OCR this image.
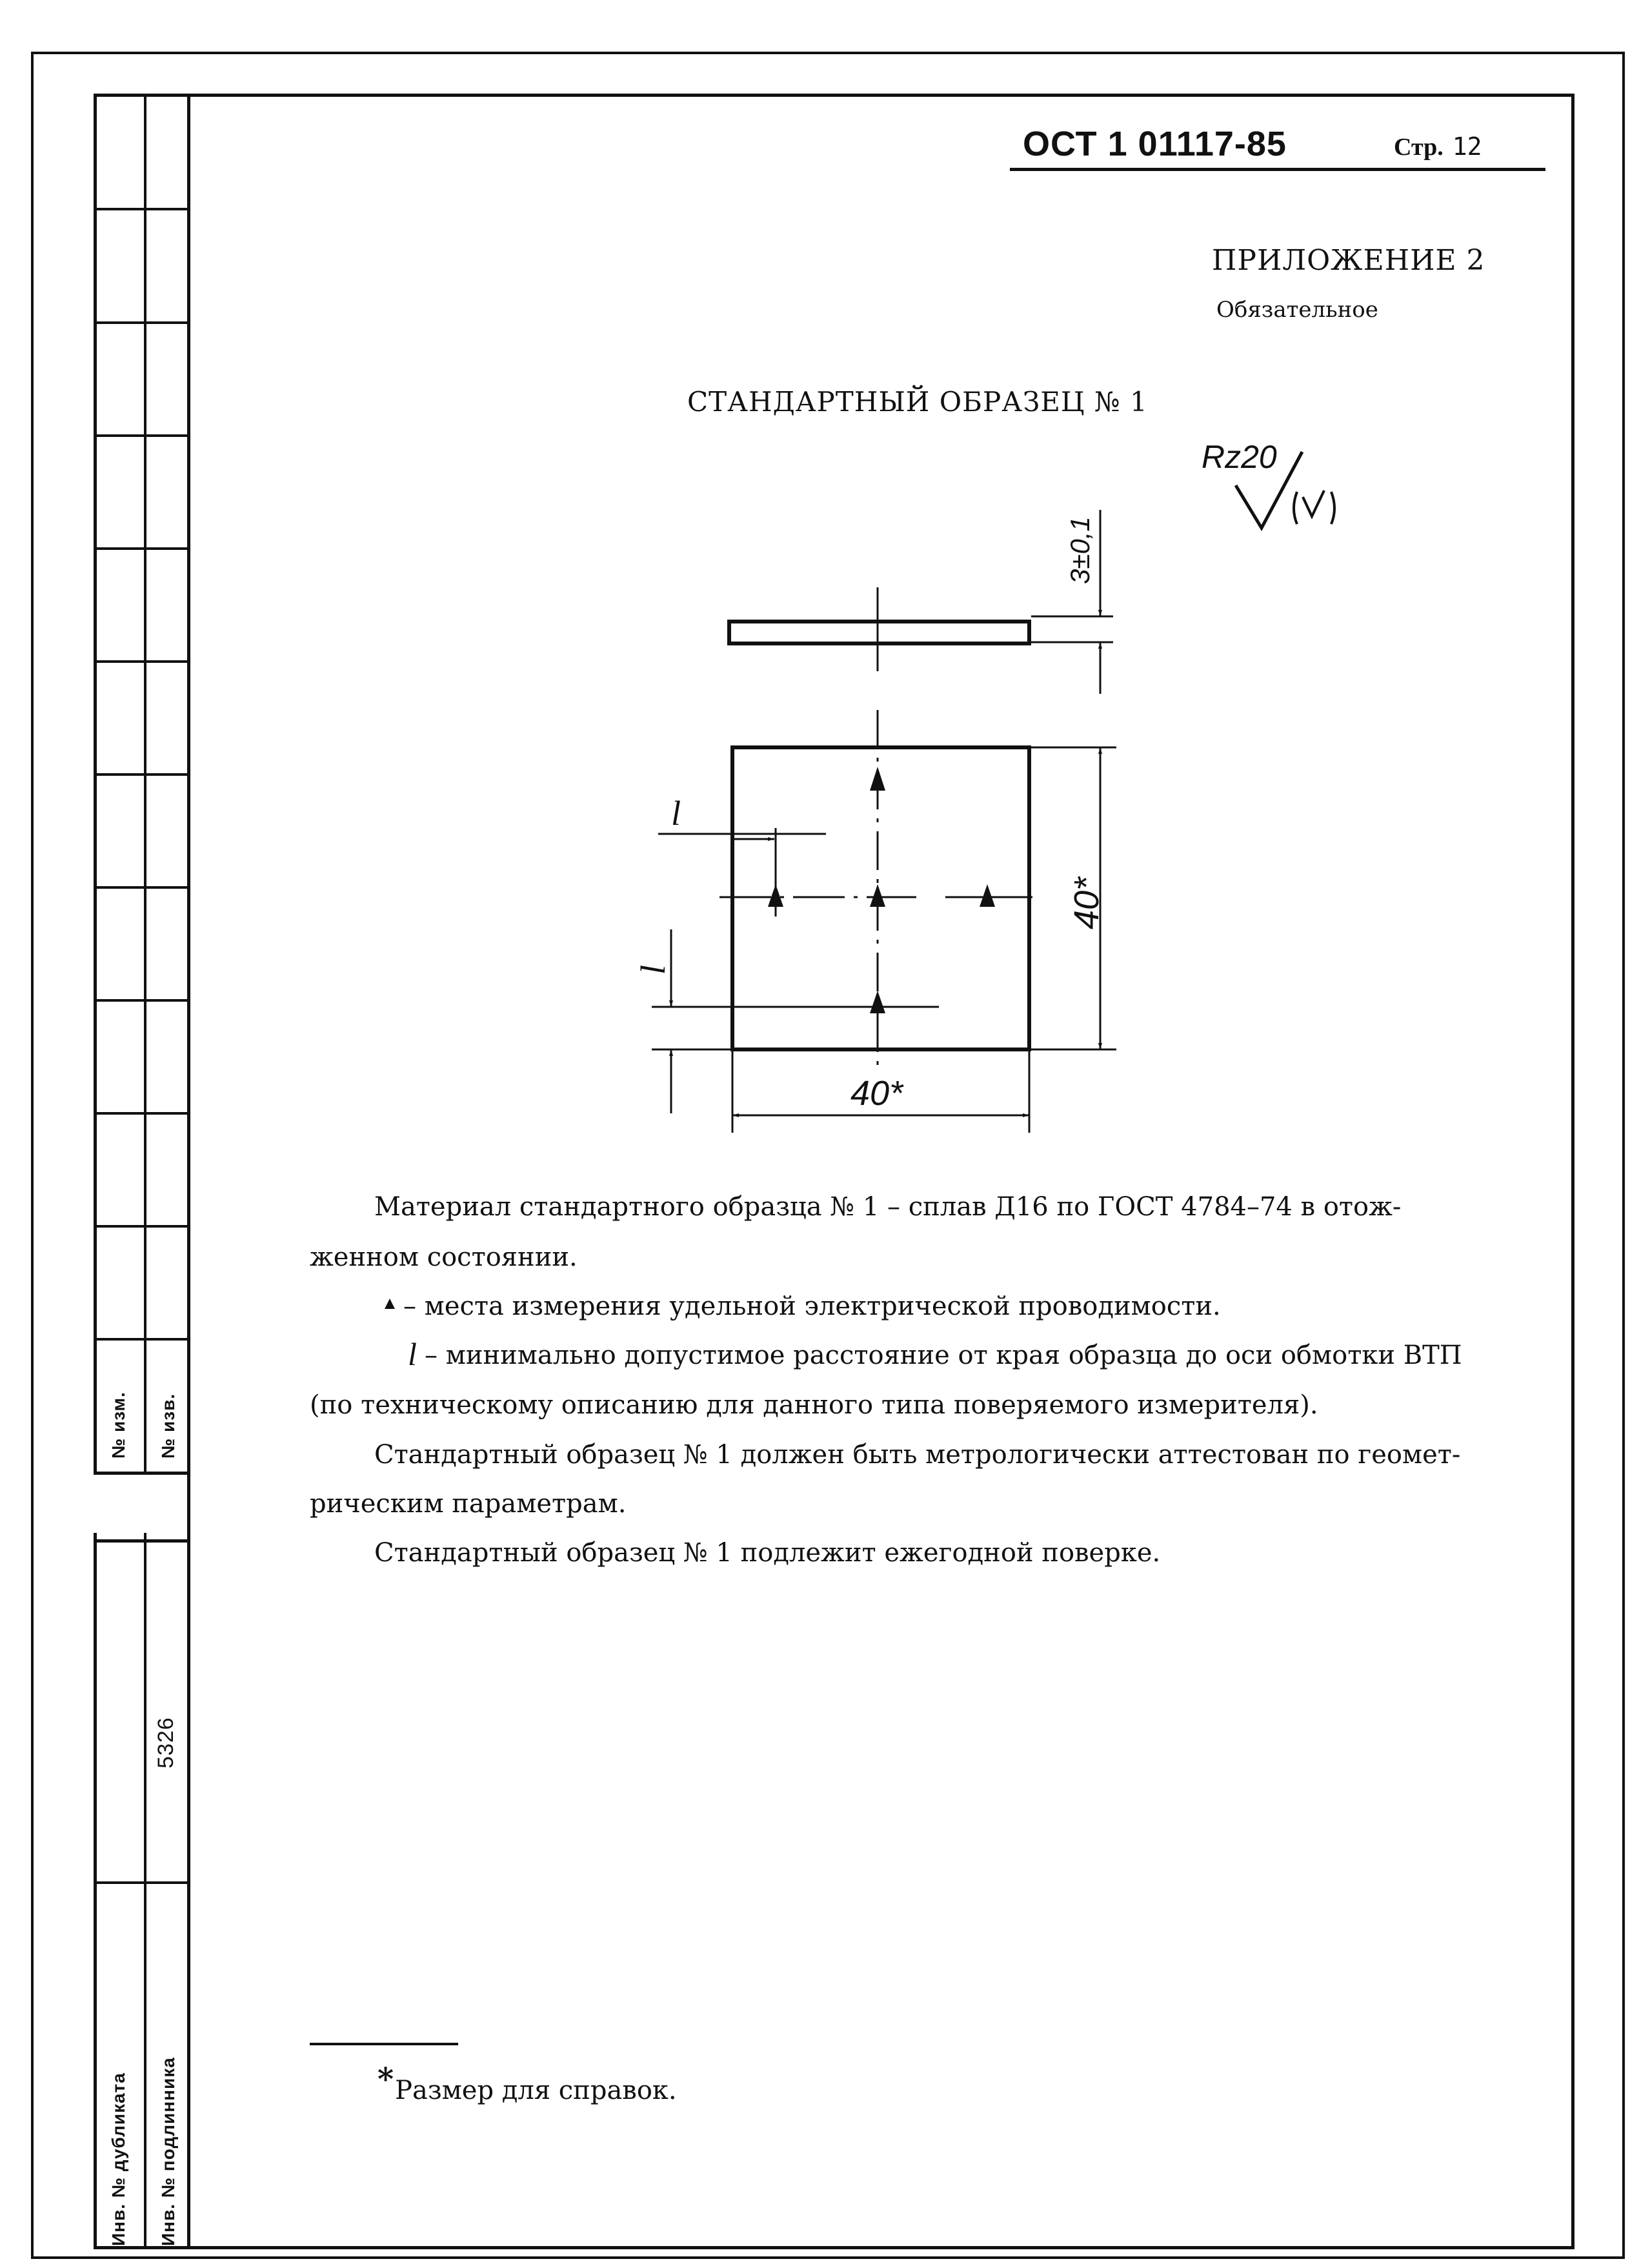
№ изм. № изв.
5326
Инв. № дубликата Инв. № подлинника
ОСТ 1 01117-85	Стр. 12
ПРИЛОЖЕНИЕ 2
Обязательное
СТАНДАРТНЫЙ ОБРАЗЕЦ № 1
Rz20
3±0,1
l
l
40*
40*
l
Материал стандартного образца № 1 – сплав Д16 по ГОСТ 4784–74 в отож-
женном состоянии.
– места измерения удельной электрической проводимости.
– минимально допустимое расстояние от края образца до оси обмотки ВТП
(по техническому описанию для данного типа поверяемого измерителя).
Стандартный образец № 1 должен быть метрологически аттестован по геомет-
рическим параметрам.
Стандартный образец № 1 подлежит ежегодной поверке.
*Размер для справок.
